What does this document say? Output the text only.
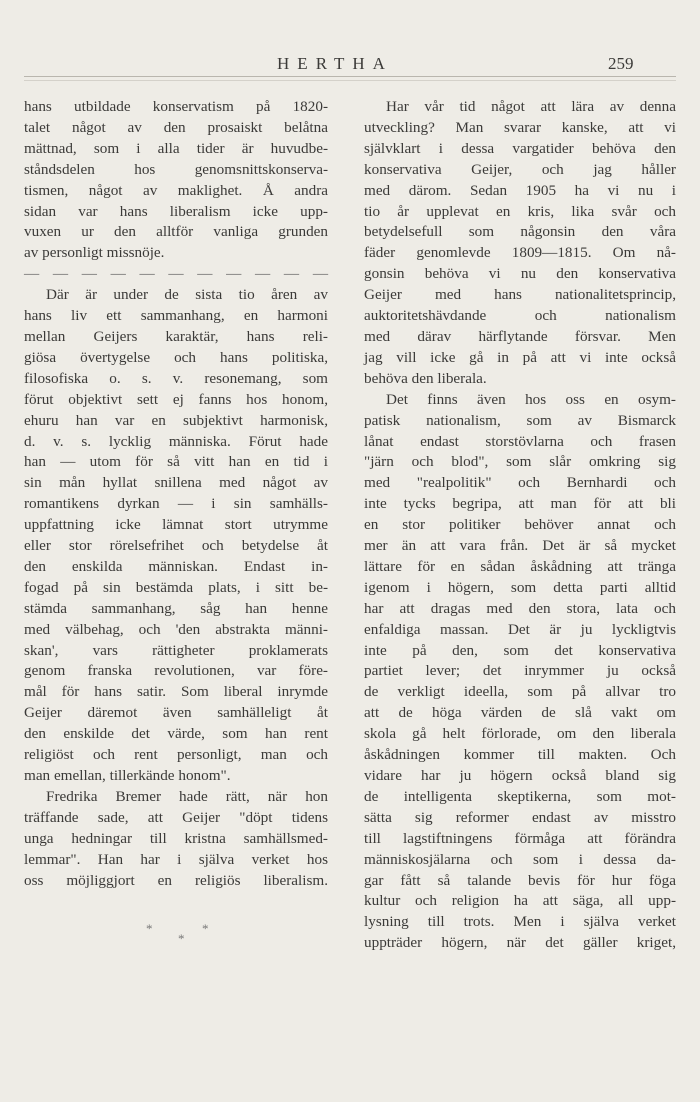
HERTHA	259
hans utbildade konservatism på 1820-
talet något av den prosaiskt belåtna
mättnad, som i alla tider är huvudbe-
ståndsdelen hos genomsnittskonserva-
tismen, något av maklighet. Å andra
sidan var hans liberalism icke upp-
vuxen ur den alltför vanliga grunden
av personligt missnöje.
— — — — — — — — — — —
Där är under de sista tio åren av
hans liv ett sammanhang, en harmoni
mellan Geijers karaktär, hans reli-
giösa övertygelse och hans politiska,
filosofiska o. s. v. resonemang, som
förut objektivt sett ej fanns hos honom,
ehuru han var en subjektivt harmonisk,
d. v. s. lycklig människa. Förut hade
han — utom för så vitt han en tid i
sin mån hyllat snillena med något av
romantikens dyrkan — i sin samhälls-
uppfattning icke lämnat stort utrymme
eller stor rörelsefrihet och betydelse åt
den enskilda människan. Endast in-
fogad på sin bestämda plats, i sitt be-
stämda sammanhang, såg han henne
med välbehag, och 'den abstrakta männi-
skan', vars rättigheter proklamerats
genom franska revolutionen, var före-
mål för hans satir. Som liberal inrymde
Geijer däremot även samhälleligt åt
den enskilde det värde, som han rent
religiöst och rent personligt, man och
man emellan, tillerkände honom".
Fredrika Bremer hade rätt, när hon
träffande sade, att Geijer "döpt tidens
unga hedningar till kristna samhällsmed-
lemmar". Han har i själva verket hos
oss möjliggjort en religiös liberalism.
*
*
*
Har vår tid något att lära av denna
utveckling? Man svarar kanske, att vi
självklart i dessa vargatider behöva den
konservativa Geijer, och jag håller
med därom. Sedan 1905 ha vi nu i
tio år upplevat en kris, lika svår och
betydelsefull som någonsin den våra
fäder genomlevde 1809—1815. Om nå-
gonsin behöva vi nu den konservativa
Geijer med hans nationalitetsprincip,
auktoritetshävdande och nationalism
med därav härflytande försvar. Men
jag vill icke gå in på att vi inte också
behöva den liberala.
Det finns även hos oss en osym-
patisk nationalism, som av Bismarck
lånat endast storstövlarna och frasen
"järn och blod", som slår omkring sig
med "realpolitik" och Bernhardi och
inte tycks begripa, att man för att bli
en stor politiker behöver annat och
mer än att vara från. Det är så mycket
lättare för en sådan åskådning att tränga
igenom i högern, som detta parti alltid
har att dragas med den stora, lata och
enfaldiga massan. Det är ju lyckligtvis
inte på den, som det konservativa
partiet lever; det inrymmer ju också
de verkligt ideella, som på allvar tro
att de höga värden de slå vakt om
skola gå helt förlorade, om den liberala
åskådningen kommer till makten. Och
vidare har ju högern också bland sig
de intelligenta skeptikerna, som mot-
sätta sig reformer endast av misstro
till lagstiftningens förmåga att förändra
människosjälarna och som i dessa da-
gar fått så talande bevis för hur föga
kultur och religion ha att säga, all upp-
lysning till trots. Men i själva verket
uppträder högern, när det gäller kriget,
